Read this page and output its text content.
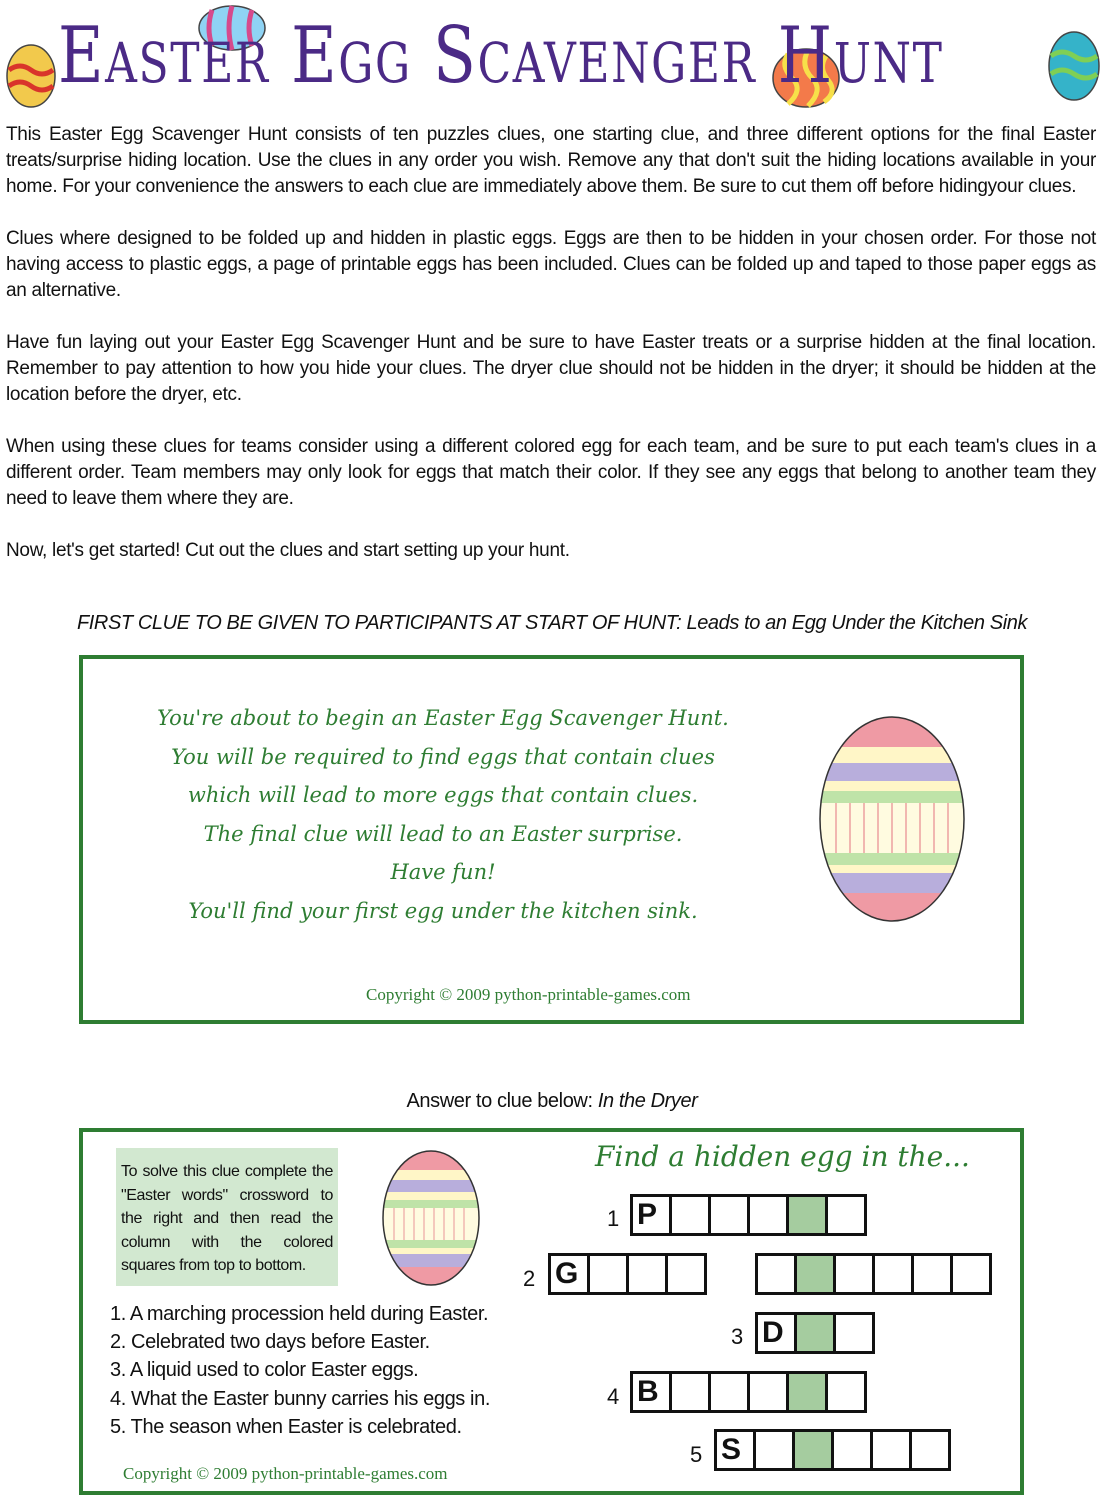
Easter Egg Scavenger Hunt

This Easter Egg Scavenger Hunt consists of ten puzzles clues, one starting clue, and three different options for the final Easter treats/surprise hiding location. Use the clues in any order you wish. Remove any that don't suit the hiding locations available in your home. For your convenience the answers to each clue are immediately above them. Be sure to cut them off before hidingyour clues.

Clues where designed to be folded up and hidden in plastic eggs. Eggs are then to be hidden in your chosen order. For those not having access to plastic eggs, a page of printable eggs has been included. Clues can be folded up and taped to those paper eggs as an alternative.

Have fun laying out your Easter Egg Scavenger Hunt and be sure to have Easter treats or a surprise hidden at the final location. Remember to pay attention to how you hide your clues. The dryer clue should not be hidden in the dryer; it should be hidden at the location before the dryer, etc.

When using these clues for teams consider using a different colored egg for each team, and be sure to put each team's clues in a different order. Team members may only look for eggs that match their color. If they see any eggs that belong to another team they need to leave them where they are.

Now, let's get started! Cut out the clues and start setting up your hunt.

FIRST CLUE TO BE GIVEN TO PARTICIPANTS AT START OF HUNT: Leads to an Egg Under the Kitchen Sink
You're about to begin an Easter Egg Scavenger Hunt.
You will be required to find eggs that contain clues
which will lead to more eggs that contain clues.
The final clue will lead to an Easter surprise.
Have fun!
You'll find your first egg under the kitchen sink.
Copyright © 2009 python-printable-games.com
Answer to clue below: In the Dryer
To solve this clue complete the "Easter words" crossword to the right and then read the column with the colored squares from top to bottom.
1. A marching procession held during Easter.
2. Celebrated two days before Easter.
3. A liquid used to color Easter eggs.
4. What the Easter bunny carries his eggs in.
5. The season when Easter is celebrated.
Find a hidden egg in the...
1 P
2 G
3 D
4 B
5 S
Copyright © 2009 python-printable-games.com
